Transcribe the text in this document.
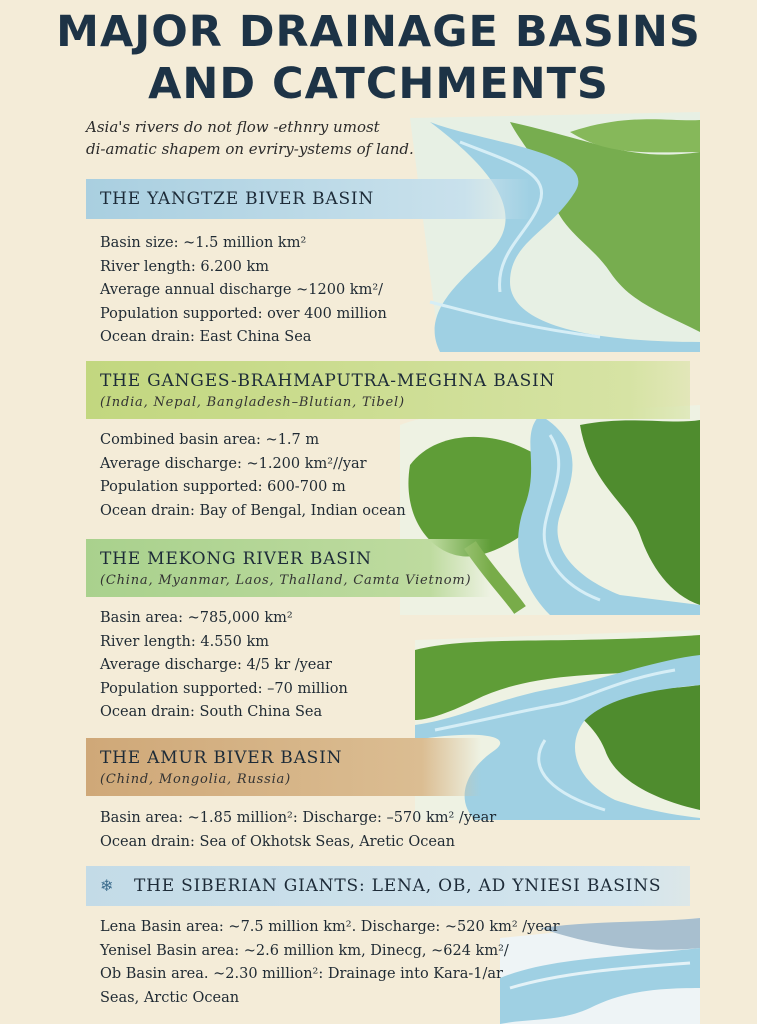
MAJOR DRAINAGE BASINS
AND CATCHMENTS
Asia's rivers do not flow -ethnry umost
di-amatic shapem on evriry-ystems of land.
THE YANGTZE BIVER BASIN
Basin size: ~1.5 million km²
River length: 6.200 km
Average annual discharge ~1200 km²/
Population supported: over 400 million
Ocean drain: East China Sea
THE GANGES-BRAHMAPUTRA-MEGHNA BASIN
(India, Nepal, Bangladesh–Blutian, Tibel)
Combined basin area: ~1.7 m
Average discharge: ~1.200 km²//yar
Population supported: 600-700 m
Ocean drain: Bay of Bengal, Indian ocean
THE MEKONG RIVER BASIN
(China, Myanmar, Laos, Thalland, Camta Vietnom)
Basin area: ~785,000 km²
River length: 4.550 km
Average discharge: 4/5 kr /year
Population supported: –70 million
Ocean drain: South China Sea
THE AMUR BIVER BASIN
(Chind, Mongolia, Russia)
Basin area: ~1.85 million²: Discharge: –570 km² /year
Ocean drain: Sea of Okhotsk Seas, Aretic Ocean
THE SIBERIAN GIANTS: LENA, OB, AD YNIESI BASINS
❄
Lena Basin area: ~7.5 million km². Discharge: ~520 km² /year
Yenisel Basin area: ~2.6 million km, Dinecg, ~624 km²/
Ob Basin area. ~2.30 million²: Drainage into Kara-1/ar
Seas, Arctic Ocean
